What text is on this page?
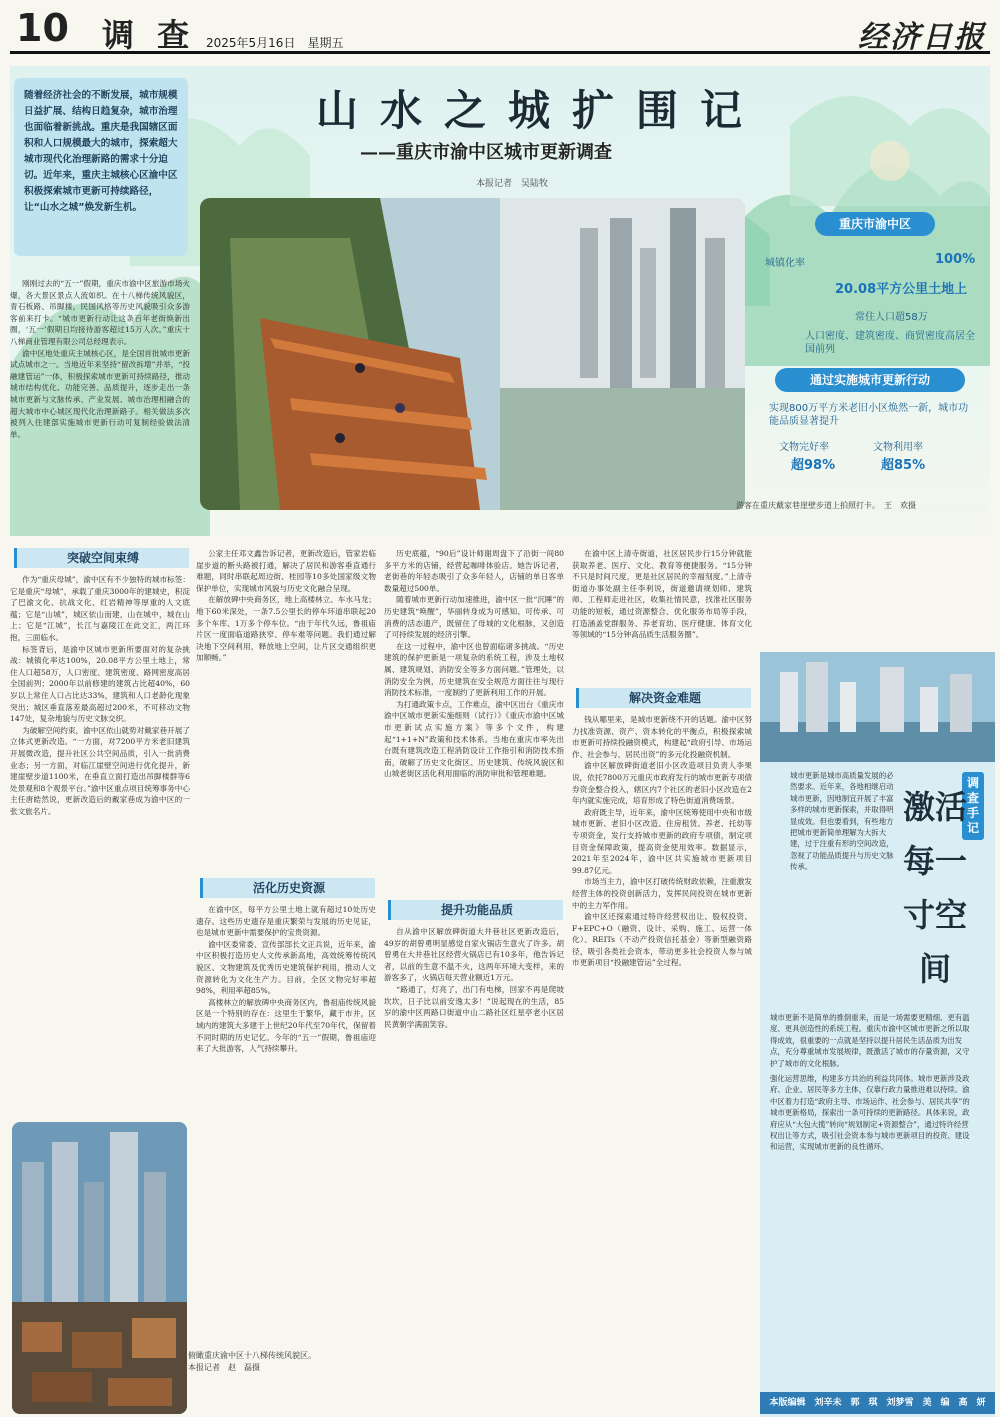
10 调 查 2025年5月16日　星期五	经济日报
随着经济社会的不断发展，城市规模日益扩展、结构日趋复杂，城市治理也面临着新挑战。重庆是我国辖区面积和人口规模最大的城市，探索超大城市现代化治理新路的需求十分迫切。近年来，重庆主城核心区渝中区积极探索城市更新可持续路径，让“山水之城”焕发新生机。
山水之城扩围记
——重庆市渝中区城市更新调查
本报记者　吴陆牧
游客在重庆戴家巷崖壁步道上拍照打卡。　王　欢摄
重庆市渝中区
城镇化率	100%
20.08平方公里土地上
常住人口超58万
人口密度、建筑密度、商贸密度高居全国前列
通过实施城市更新行动
实现800万平方米老旧小区焕然一新，城市功能品质显著提升
文物完好率
超98%
文物利用率
超85%

刚刚过去的“五一”假期，重庆市渝中区旅游市场火爆，各大景区景点人流如织。在十八梯传统风貌区，青石板路、吊脚楼，民国风格等历史风貌吸引众多游客前来打卡。“城市更新行动让这条百年老街焕新出圈，‘五一’假期日均接待游客超过15万人次。”重庆十八梯商业管理有限公司总经理表示。

渝中区地处重庆主城核心区，是全国首批城市更新试点城市之一。当地近年来坚持“留改拆增”并举，“投融建管运”一体，积极探索城市更新可持续路径，推动城市结构优化、功能完善、品质提升，逐步走出一条城市更新与文脉传承、产业发展、城市治理相融合的超大城市中心城区现代化治理新路子。相关做法多次被列入住建部实施城市更新行动可复制经验做法清单。

突破空间束缚

作为“重庆母城”，渝中区有不少独特的城市标签：它是重庆“母城”，承载了重庆3000年的建城史，积淀了巴渝文化、抗战文化、红岩精神等厚重的人文底蕴；它是“山城”，城区依山而建，山在城中，城在山上；它是“江城”，长江与嘉陵江在此交汇，两江环抱，三面临水。

标签背后，是渝中区城市更新所要面对的复杂挑战：城镇化率达100%，20.08平方公里土地上，常住人口超58万，人口密度、建筑密度、路网密度高居全国前列；2000年以前修建的建筑占比超40%，60岁以上常住人口占比达33%，建筑和人口老龄化现象突出；城区垂直落差最高超过200米，不可移动文物147处，复杂地貌与历史文脉交织。

为破解空间约束，渝中区依山就势对戴家巷开展了立体式更新改造。“一方面，对7200平方米老旧建筑开展微改造，提升社区公共空间品质，引入一批消费业态；另一方面，对临江崖壁空间进行优化提升，新建崖壁步道1100米，在垂直立面打造出吊脚楼群等6处景观和8个观景平台。”渝中区重点项目统筹事务中心主任唐皓然说，更新改造后的戴家巷成为渝中区的一张文旅名片。

公家主任邓文鑫告诉记者，更新改造后，管家岩临崖步道的断头路被打通，解决了居民和游客垂直通行难题，同时串联起周边街、桂园等10多处国家级文物保护单位，实现城市风貌与历史文化融合呈现。

在解放碑中央商务区，地上高楼林立、车水马龙；地下60米深处，一条7.5公里长的停车环道串联起20多个车库、1万多个停车位。“由于年代久远，鲁祖庙片区一度面临道路狭窄、停车难等问题。我们通过解决地下空间利用，释放地上空间，让片区交通组织更加顺畅。”

活化历史资源

在渝中区，每平方公里土地上就有超过10处历史遗存。这些历史遗存是重庆繁荣与发展的历史见证，也是城市更新中需要保护的宝贵资源。

渝中区委常委、宣传部部长文正兵说，近年来，渝中区积极打造历史人文传承新高地，高效统筹传统风貌区、文物建筑及优秀历史建筑保护利用，推动人文资源转化为文化生产力。目前，全区文物完好率超98%，利用率超85%。

高楼林立的解放碑中央商务区内，鲁祖庙传统风貌区是一个特别的存在：这里生于繁华，藏于市井，区域内的建筑大多建于上世纪20年代至70年代，保留着不同时期的历史记忆。今年的“五一”假期，鲁祖庙迎来了大批游客，人气持续攀升。

历史底蕴，“90后”设计师谢周盘下了沿街一间80多平方米的店铺，经营起咖啡体验店。她告诉记者，老街巷的年轻态吸引了众多年轻人，店铺的单日客单数量超过500单。

随着城市更新行动加速推进，渝中区一批“沉睡”的历史建筑“唤醒”，华丽转身成为可感知、可传承、可消费的活态遗产，既留住了母城的文化根脉，又创造了可持续发展的经济引擎。

在这一过程中，渝中区也曾面临诸多挑战。“历史建筑的保护更新是一项复杂的系统工程，涉及土地权属、建筑规划、消防安全等多方面问题。”管理处，以消防安全为例，历史建筑在安全规范方面往往与现行消防技术标准，一度制约了更新利用工作的开展。

为打通政策卡点，工作难点，渝中区出台《重庆市渝中区城市更新实施细则（试行）》《重庆市渝中区城市更新试点实施方案》等多个文件，构建起“1+1+N”政策和技术体系。当地在重庆市率先出台既有建筑改造工程消防设计工作指引和消防技术指南，破解了历史文化街区、历史建筑、传统风貌区和山城老街区活化利用面临的消防审批和管理难题。

提升功能品质

自从渝中区解放碑街道大井巷社区更新改造后，49岁的胡曾勇明显感觉自家火锅店生意火了许多。胡曾勇在大井巷社区经营火锅店已有10多年，他告诉记者，以前的生意不温不火，这两年环境大变样，来的游客多了，火锅店每天营业额近1万元。

“路通了，灯亮了，出门有电梯，回家不再是爬坡坎坎，日子比以前安逸太多！”说起现在的生活，85岁的渝中区两路口街道中山二路社区红星亭老小区居民黄朝学满面笑容。

在渝中区上清寺街道，社区居民步行15分钟就能获取养老、医疗、文化、教育等便捷服务。“15分钟不只是时间尺度，更是社区居民的幸福刻度。”上清寺街道办事处副主任李利说，街道邀请规划师、建筑师、工程师走进社区，收集社情民意，找准社区服务功能的短板，通过资源整合、优化服务布局等手段，打造涵盖党群服务、养老育幼、医疗健康、体育文化等领域的“15分钟高品质生活服务圈”。

解决资金难题

钱从哪里来，是城市更新绕不开的话题。渝中区努力找准资源、资产、资本转化的平衡点，积极探索城市更新可持续投融资模式，构建起“政府引导、市场运作、社会参与、居民出资”的多元化投融资机制。

渝中区解放碑街道老旧小区改造项目负责人李果说，依托7800万元重庆市政府发行的城市更新专项债券资金整合投入，辖区内7个社区的老旧小区改造在2年内就实施完成，培育形成了特色街道消费场景。

政府既主导，近年来，渝中区统筹使用中央和市级城市更新、老旧小区改造、住房租赁、养老、托幼等专项资金，发行支持城市更新的政府专项债，制定项目资金保障政策，提高资金使用效率。数据显示，2021年至2024年，渝中区共实施城市更新项目99.87亿元。

市场当主力，渝中区打破传统财政依赖，注重激发经营主体的投资创新活力，发挥民间投资在城市更新中的主力军作用。

渝中区还探索通过特许经营权出让、股权投资、F+EPC+O（融资、设计、采购、施工、运营一体化）、REITs（不动产投资信托基金）等新型融资路径，吸引各类社会资本，带动更多社会投资人参与城市更新项目“投融建管运”全过程。

俯瞰重庆渝中区十八梯传统风貌区。
本报记者　赵　磊摄
调查手记
激活每一寸空间
城市更新是城市高质量发展的必然要求。近年来，各地相继启动城市更新，因地制宜开展了丰富多样的城市更新探索，并取得明显成效。但也要看到，有些地方把城市更新简单理解为大拆大建，过于注重有形的空间改造，忽视了功能品质提升与历史文脉传承。
城市更新不是简单的推倒重来，而是一场需要更精细、更有温度、更具创造性的系统工程。重庆市渝中区城市更新之所以取得成效，很重要的一点就是坚持以提升居民生活品质为出发点，充分尊重城市发展规律，既激活了城市的存量资源，又守护了城市的文化根脉。
强化运营思维，构建多方共治的利益共同体。城市更新涉及政府、企业、居民等多方主体，仅靠行政力量推进难以持续。渝中区着力打造“政府主导、市场运作、社会参与、居民共享”的城市更新格局，探索出一条可持续的更新路径。具体来说，政府应从“大包大揽”转向“规划制定+资源整合”，通过特许经营权出让等方式，吸引社会资本参与城市更新项目的投资、建设和运营，实现城市更新的良性循环。
本版编辑　刘辛未　郭　琪　刘梦雪　美　编　高　妍
